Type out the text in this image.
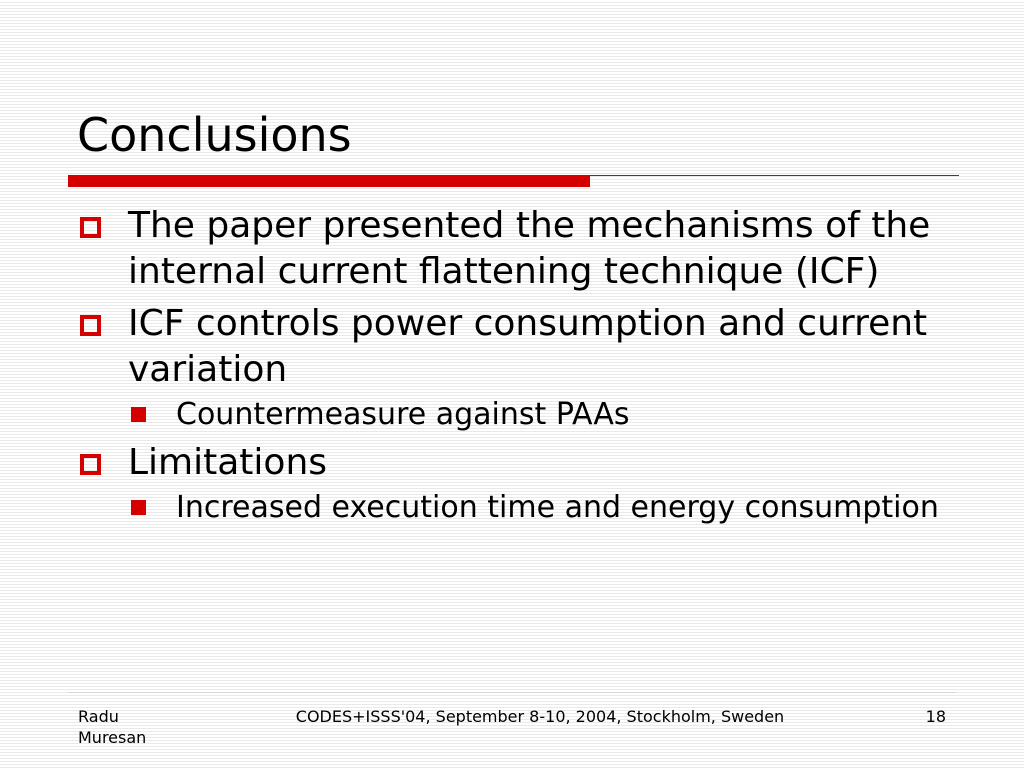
Conclusions
The paper presented the mechanisms of the internal current flattening technique (ICF)
ICF controls power consumption and current variation
Countermeasure against PAAs
Limitations
Increased execution time and energy consumption
Radu
Muresan
CODES+ISSS'04, September 8-10, 2004, Stockholm, Sweden	18
